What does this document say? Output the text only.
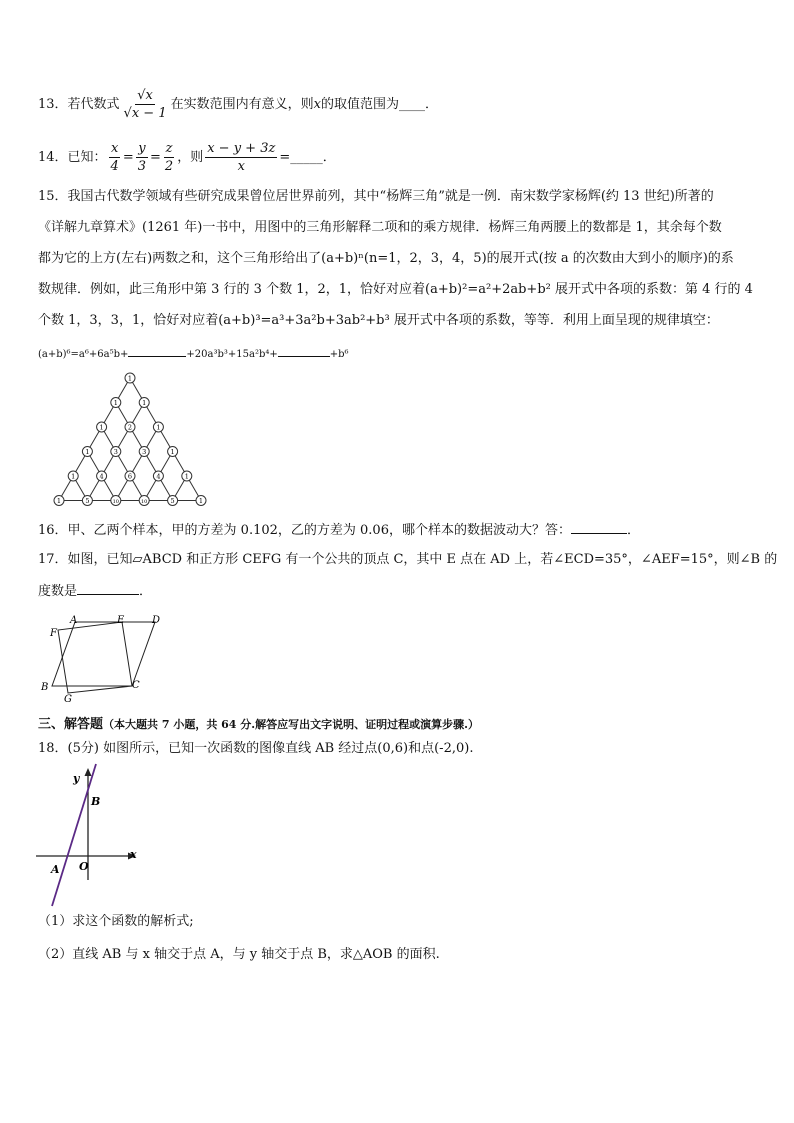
13．若代数式 $\frac{√x}{√x - 1}$ 在实数范围内有意义，则x的取值范围为____．
14．已知： $\frac{x}{4} = \frac{y}{3} = \frac{z}{2}$ ，则 $\frac{x - y + 3z}{x}$ =_____．
15．我国古代数学领域有些研究成果曾位居世界前列，其中“杨辉三角”就是一例．南宋数学家杨辉(约 13 世纪)所著的
《详解九章算术》(1261 年)一书中，用图中的三角形解释二项和的乘方规律．杨辉三角两腰上的数都是 1，其余每个数
都为它的上方(左右)两数之和，这个三角形给出了(a+b)ⁿ(n=1，2，3，4，5)的展开式(按 a 的次数由大到小的顺序)的系
数规律．例如，此三角形中第 3 行的 3 个数 1，2，1，恰好对应着(a+b)²=a²+2ab+b² 展开式中各项的系数：第 4 行的 4
个数 1，3，3，1，恰好对应着(a+b)³=a³+3a²b+3ab²+b³ 展开式中各项的系数，等等．利用上面呈现的规律填空：
(a+b)⁶=a⁶+6a⁵b+	+20a³b³+15a²b⁴+	+b⁶
1
1	1
1	2	1
1	3	3	1
1	4	6	4	1
1	5	10	10	5	1
16．甲、乙两个样本，甲的方差为 0.102，乙的方差为 0.06，哪个样本的数据波动大？答：	．
17．如图，已知▱ABCD 和正方形 CEFG 有一个公共的顶点 C，其中 E 点在 AD 上，若∠ECD=35°，∠AEF=15°，则∠B 的
度数是	．
A	E	D
F
B	C
G
三、解答题（本大题共 7 小题，共 64 分.解答应写出文字说明、证明过程或演算步骤.）
18．(5分) 如图所示，已知一次函数的图像直线 AB 经过点(0,6)和点(-2,0).
y
B
x
O
A
（1）求这个函数的解析式;
（2）直线 AB 与 x 轴交于点 A，与 y 轴交于点 B，求△AOB 的面积.
